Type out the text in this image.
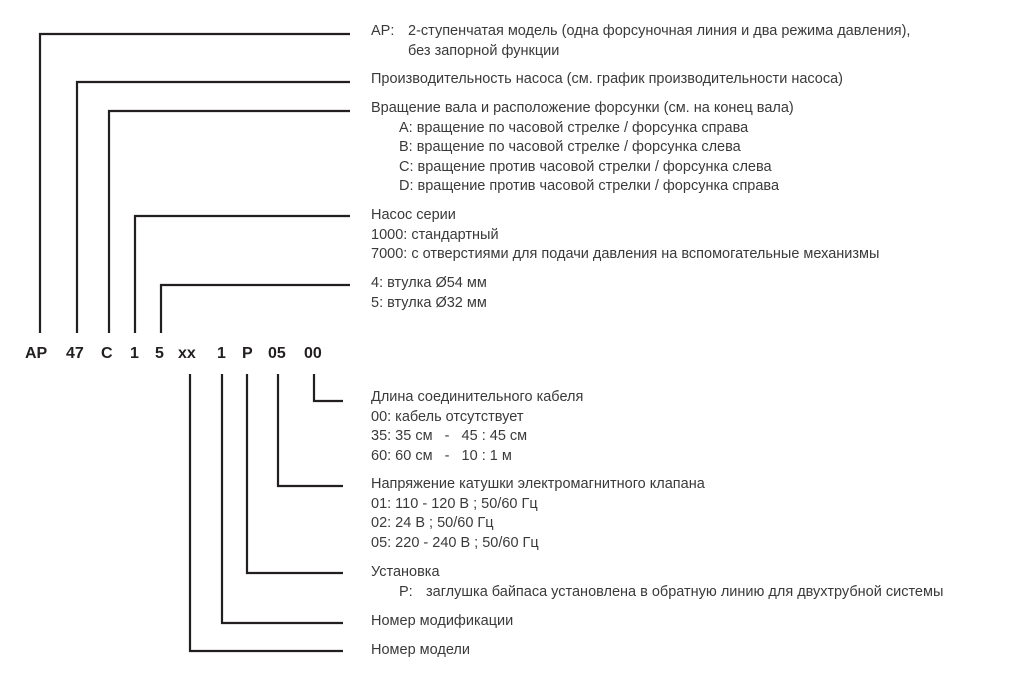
AP 47 C 1 5 xx 1 P 05 00
AP: 2-ступенчатая модель (одна форсуночная линия и два режима давления),
без запорной функции
Производительность насоса (см. график производительности насоса)
Вращение вала и расположение форсунки (см. на конец вала)
A: вращение по часовой стрелке / форсунка справа
B: вращение по часовой стрелке / форсунка слева
C: вращение против часовой стрелки / форсунка слева
D: вращение против часовой стрелки / форсунка справа
Насос серии
1000: стандартный
7000: с отверстиями для подачи давления на вспомогательные механизмы
4: втулка Ø54 мм
5: втулка Ø32 мм
Длина соединительного кабеля
00: кабель отсутствует
35: 35 см   -   45 : 45 см
60: 60 см   -   10 : 1 м
Напряжение катушки электромагнитного клапана
01: 110 - 120 В ; 50/60 Гц
02: 24 В ; 50/60 Гц
05: 220 - 240 В ; 50/60 Гц
Установка
P: заглушка байпаса установлена в обратную линию для двухтрубной системы
Номер модификации
Номер модели
